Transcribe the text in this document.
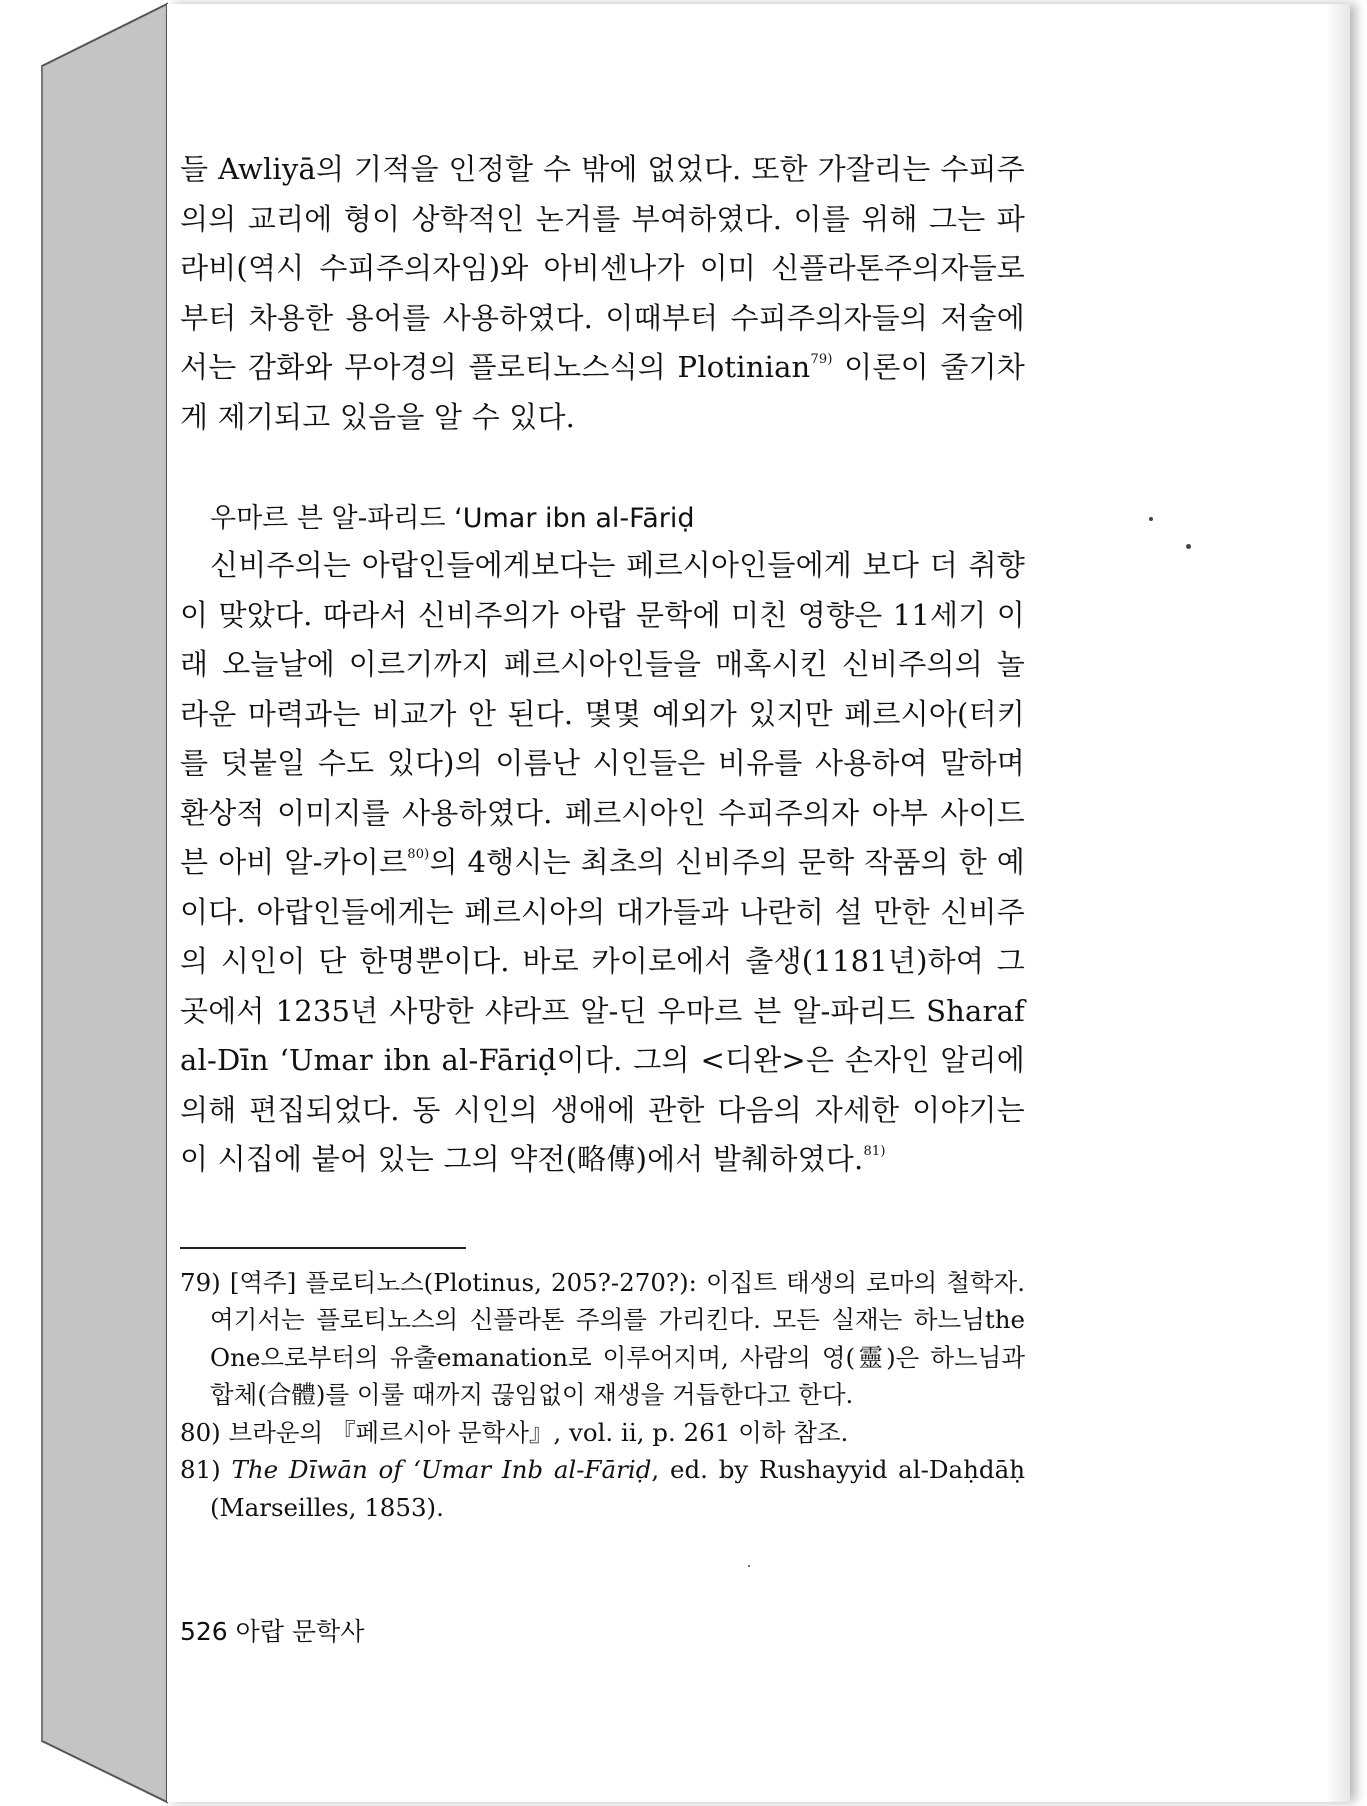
들 Awliyā의 기적을 인정할 수 밖에 없었다. 또한 가잘리는 수피주의의 교리에 형이 상학적인 논거를 부여하였다. 이를 위해 그는 파라비(역시 수피주의자임)와 아비센나가 이미 신플라톤주의자들로부터 차용한 용어를 사용하였다. 이때부터 수피주의자들의 저술에서는 감화와 무아경의 플로티노스식의 Plotinian$^{79)}$ 이론이 줄기차게 제기되고 있음을 알 수 있다.

우마르 븐 알-파리드 ‘Umar ibn al-Fāriḍ

신비주의는 아랍인들에게보다는 페르시아인들에게 보다 더 취향이 맞았다. 따라서 신비주의가 아랍 문학에 미친 영향은 11세기 이래 오늘날에 이르기까지 페르시아인들을 매혹시킨 신비주의의 놀라운 마력과는 비교가 안 된다. 몇몇 예외가 있지만 페르시아(터키를 덧붙일 수도 있다)의 이름난 시인들은 비유를 사용하여 말하며 환상적 이미지를 사용하였다. 페르시아인 수피주의자 아부 사이드 븐 아비 알-카이르$^{80)}$의 4행시는 최초의 신비주의 문학 작품의 한 예이다. 아랍인들에게는 페르시아의 대가들과 나란히 설 만한 신비주의 시인이 단 한명뿐이다. 바로 카이로에서 출생(1181년)하여 그곳에서 1235년 사망한 샤라프 알-딘 우마르 븐 알-파리드 Sharaf al-Dīn ‘Umar ibn al-Fāriḍ이다. 그의 <디완>은 손자인 알리에 의해 편집되었다. 동 시인의 생애에 관한 다음의 자세한 이야기는 이 시집에 붙어 있는 그의 약전(略傳)에서 발췌하였다.$^{81)}$

79) [역주] 플로티노스(Plotinus, 205?-270?): 이집트 태생의 로마의 철학자. 여기서는 플로티노스의 신플라톤 주의를 가리킨다. 모든 실재는 하느님the One으로부터의 유출emanation로 이루어지며, 사람의 영(靈)은 하느님과 합체(合體)를 이룰 때까지 끊임없이 재생을 거듭한다고 한다.

80) 브라운의 『페르시아 문학사』, vol. ii, p. 261 이하 참조.

81) The Dīwān of ‘Umar Inb al-Fāriḍ, ed. by Rushayyid al-Daḥdāḥ (Marseilles, 1853).

526 아랍 문학사
